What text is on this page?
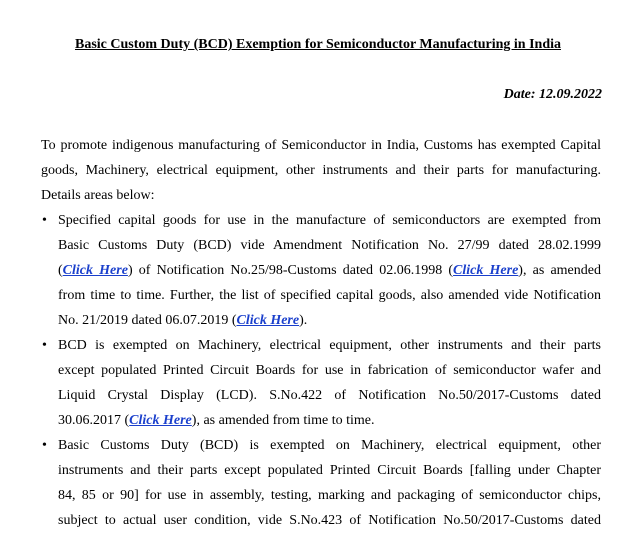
Basic Custom Duty (BCD) Exemption for Semiconductor Manufacturing in India
Date: 12.09.2022
To promote indigenous manufacturing of Semiconductor in India, Customs has exempted Capital
goods, Machinery, electrical equipment, other instruments and their parts for manufacturing.
Details areas below:
• Specified capital goods for use in the manufacture of semiconductors are exempted from
Basic Customs Duty (BCD) vide Amendment Notification No. 27/99 dated 28.02.1999
(Click Here) of Notification No.25/98-Customs dated 02.06.1998 (Click Here), as amended
from time to time. Further, the list of specified capital goods, also amended vide Notification
No. 21/2019 dated 06.07.2019 (Click Here).
• BCD is exempted on Machinery, electrical equipment, other instruments and their parts
except populated Printed Circuit Boards for use in fabrication of semiconductor wafer and
Liquid Crystal Display (LCD). S.No.422 of Notification No.50/2017-Customs dated
30.06.2017 (Click Here), as amended from time to time.
• Basic Customs Duty (BCD) is exempted on Machinery, electrical equipment, other
instruments and their parts except populated Printed Circuit Boards [falling under Chapter
84, 85 or 90] for use in assembly, testing, marking and packaging of semiconductor chips,
subject to actual user condition, vide S.No.423 of Notification No.50/2017-Customs dated
